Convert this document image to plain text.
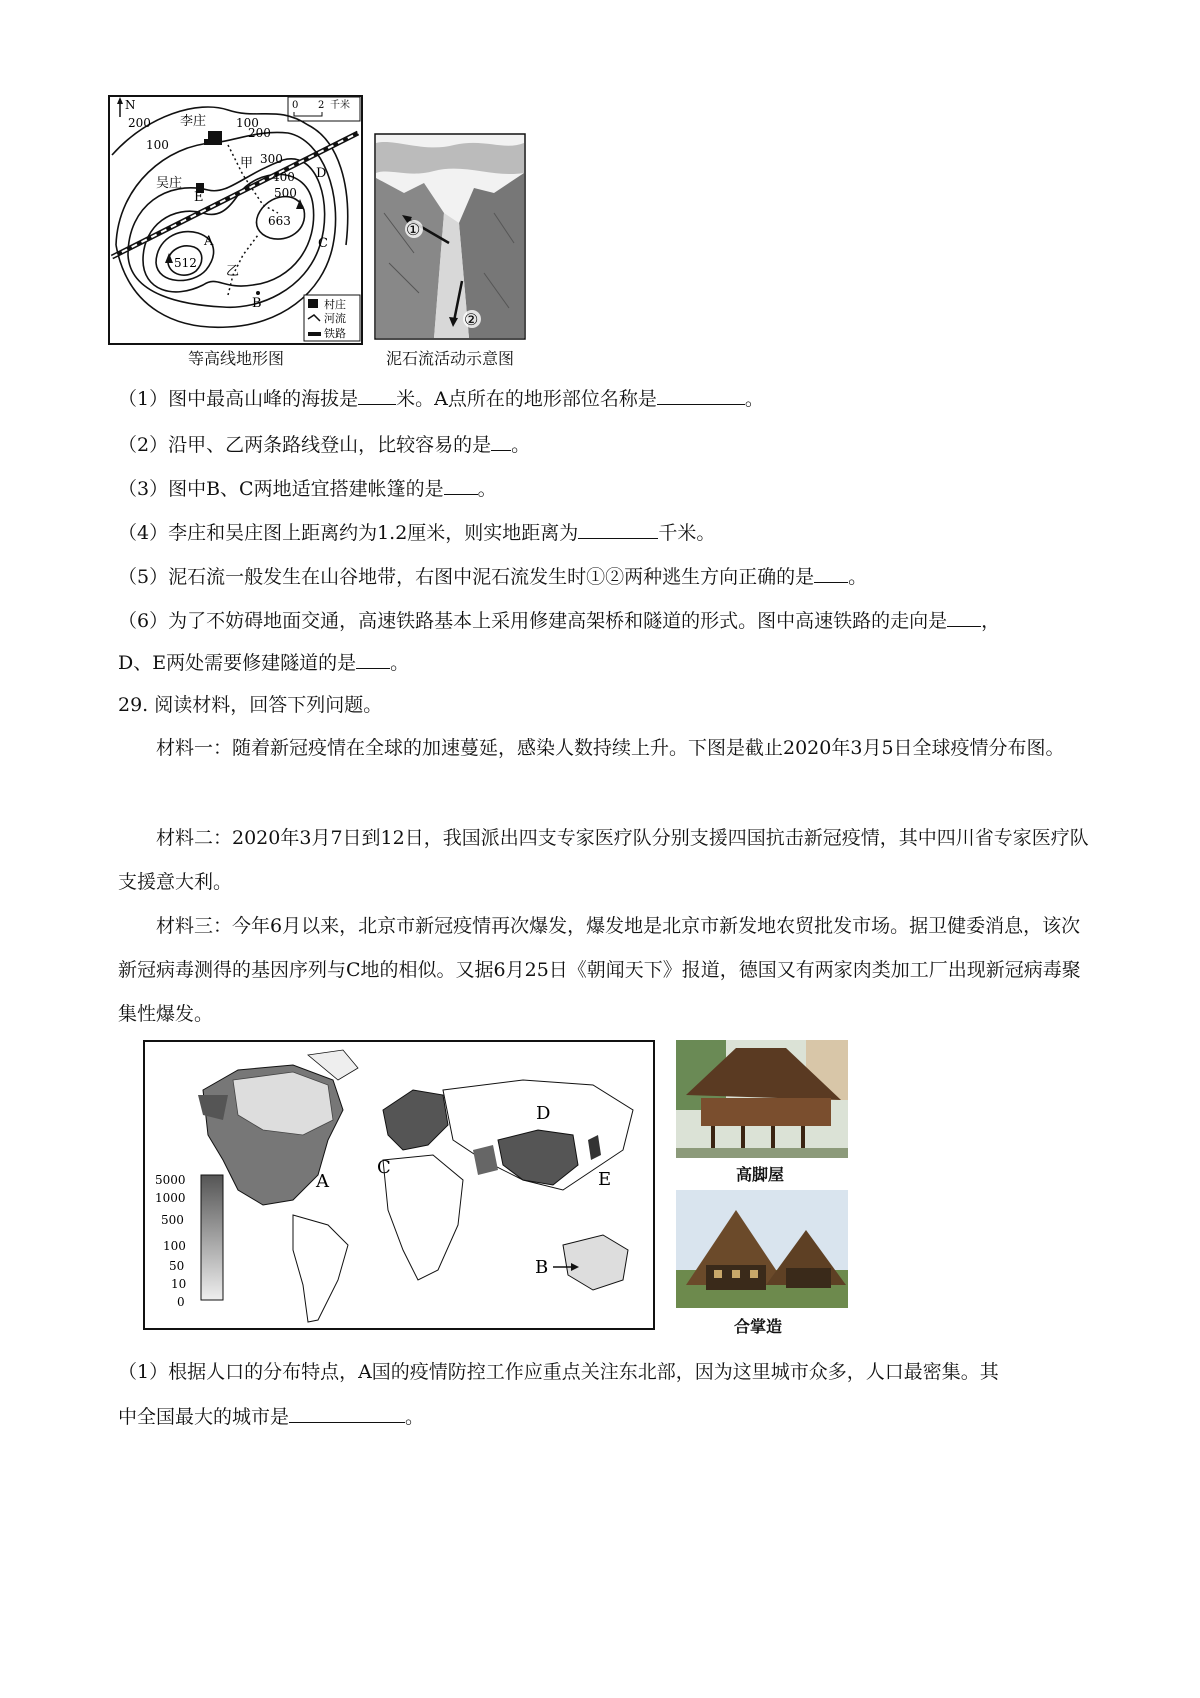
N	0 2 千米
李庄
吴庄
200
100
100
200
300
400
500
663
512
A
B
C
D
E
甲
乙
村庄
河流
铁路
等高线地形图
①
②
泥石流活动示意图
（1）图中最高山峰的海拔是 米。A点所在的地形部位名称是	。
（2）沿甲、乙两条路线登山，比较容易的是 。
（3）图中B、C两地适宜搭建帐篷的是 。
（4）李庄和吴庄图上距离约为1.2厘米，则实地距离为	千米。
（5）泥石流一般发生在山谷地带，右图中泥石流发生时①②两种逃生方向正确的是 。
（6）为了不妨碍地面交通，高速铁路基本上采用修建高架桥和隧道的形式。图中高速铁路的走向是 ，
D、E两处需要修建隧道的是 。
29. 阅读材料，回答下列问题。
材料一：随着新冠疫情在全球的加速蔓延，感染人数持续上升。下图是截止2020年3月5日全球疫情分布图。
材料二：2020年3月7日到12日，我国派出四支专家医疗队分别支援四国抗击新冠疫情，其中四川省专家医疗队支援意大利。
材料三：今年6月以来，北京市新冠疫情再次爆发，爆发地是北京市新发地农贸批发市场。据卫健委消息，该次新冠病毒测得的基因序列与C地的相似。又据6月25日《朝闻天下》报道，德国又有两家肉类加工厂出现新冠病毒聚集性爆发。
5000
1000
500
100
50
10
0
A
B
C
D
E	高脚屋
合掌造
（1）根据人口的分布特点，A国的疫情防控工作应重点关注东北部，因为这里城市众多，人口最密集。其
中全国最大的城市是	。
